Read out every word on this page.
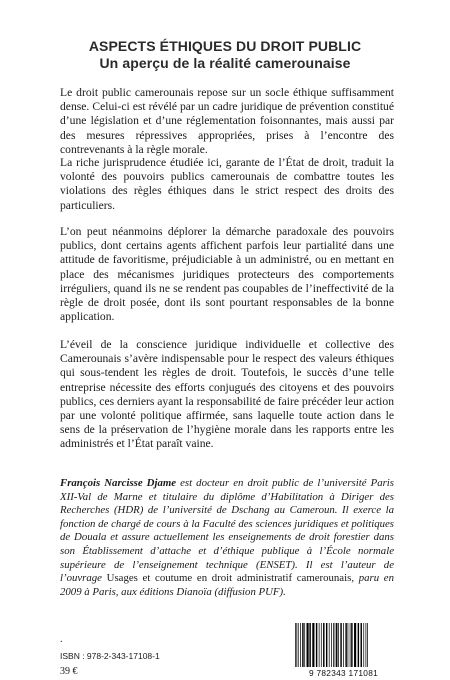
ASPECTS ÉTHIQUES DU DROIT PUBLIC
Un aperçu de la réalité camerounaise

Le droit public camerounais repose sur un socle éthique suffisamment dense. Celui-ci est révélé par un cadre juridique de prévention constitué d’une législation et d’une réglementation foisonnantes, mais aussi par des mesures répressives appropriées, prises à l’encontre des contrevenants à la règle morale.

La riche jurisprudence étudiée ici, garante de l’État de droit, traduit la volonté des pouvoirs publics camerounais de combattre toutes les violations des règles éthiques dans le strict respect des droits des particuliers.

L’on peut néanmoins déplorer la démarche paradoxale des pouvoirs publics, dont certains agents affichent parfois leur partialité dans une attitude de favoritisme, préjudiciable à un administré, ou en mettant en place des mécanismes juridiques protecteurs des comportements irréguliers, quand ils ne se rendent pas coupables de l’ineffectivité de la règle de droit posée, dont ils sont pourtant responsables de la bonne application.

L’éveil de la conscience juridique individuelle et collective des Camerounais s’avère indispensable pour le respect des valeurs éthiques qui sous-tendent les règles de droit. Toutefois, le succès d’une telle entreprise nécessite des efforts conjugués des citoyens et des pouvoirs publics, ces derniers ayant la responsabilité de faire précéder leur action par une volonté politique affirmée, sans laquelle toute action dans le sens de la préservation de l’hygiène morale dans les rapports entre les administrés et l’État paraît vaine.

François Narcisse Djame est docteur en droit public de l’université Paris XII-Val de Marne et titulaire du diplôme d’Habilitation à Diriger des Recherches (HDR) de l’université de Dschang au Cameroun. Il exerce la fonction de chargé de cours à la Faculté des sciences juridiques et politiques de Douala et assure actuellement les enseignements de droit forestier dans son Établissement d’attache et d’éthique publique à l’École normale supérieure de l’enseignement technique (ENSET). Il est l’auteur de l’ouvrage Usages et coutume en droit administratif camerounais, paru en 2009 à Paris, aux éditions Dianoïa (diffusion PUF).

.
ISBN : 978-2-343-17108-1
39 €	9 782343 171081
